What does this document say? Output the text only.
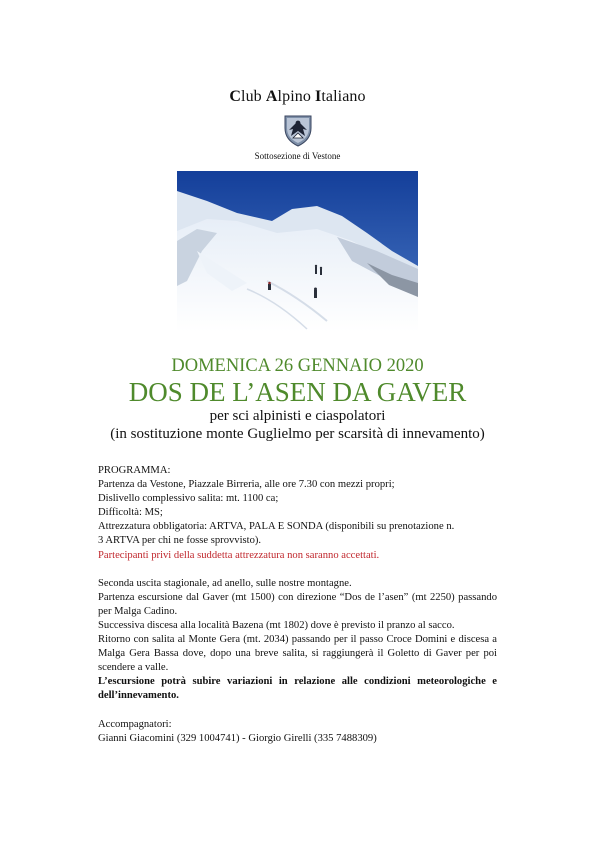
Club Alpino Italiano
Sottosezione di Vestone
DOMENICA 26 GENNAIO 2020
DOS DE L’ASEN DA GAVER
per sci alpinisti e ciaspolatori
(in sostituzione monte Guglielmo per scarsità di innevamento)

PROGRAMMA:

Partenza da Vestone, Piazzale Birreria, alle ore 7.30 con mezzi propri;

Dislivello complessivo salita: mt. 1100 ca;

Difficoltà: MS;

Attrezzatura obbligatoria: ARTVA, PALA E SONDA (disponibili su prenotazione n.

3 ARTVA per chi ne fosse sprovvisto).

Partecipanti privi della suddetta attrezzatura non saranno accettati.

Seconda uscita stagionale, ad anello, sulle nostre montagne.

Partenza escursione dal Gaver (mt 1500) con direzione “Dos de l’asen” (mt 2250) passando per Malga Cadino.

Successiva discesa alla località Bazena (mt 1802) dove è previsto il pranzo al sacco.

Ritorno con salita al Monte Gera (mt. 2034) passando per il passo Croce Domini e discesa a Malga Gera Bassa dove, dopo una breve salita, si raggiungerà il Goletto di Gaver per poi scendere a valle.

L’escursione potrà subire variazioni in relazione alle condizioni meteorologiche e dell’innevamento.

Accompagnatori:

Gianni Giacomini (329 1004741) - Giorgio Girelli (335 7488309)
